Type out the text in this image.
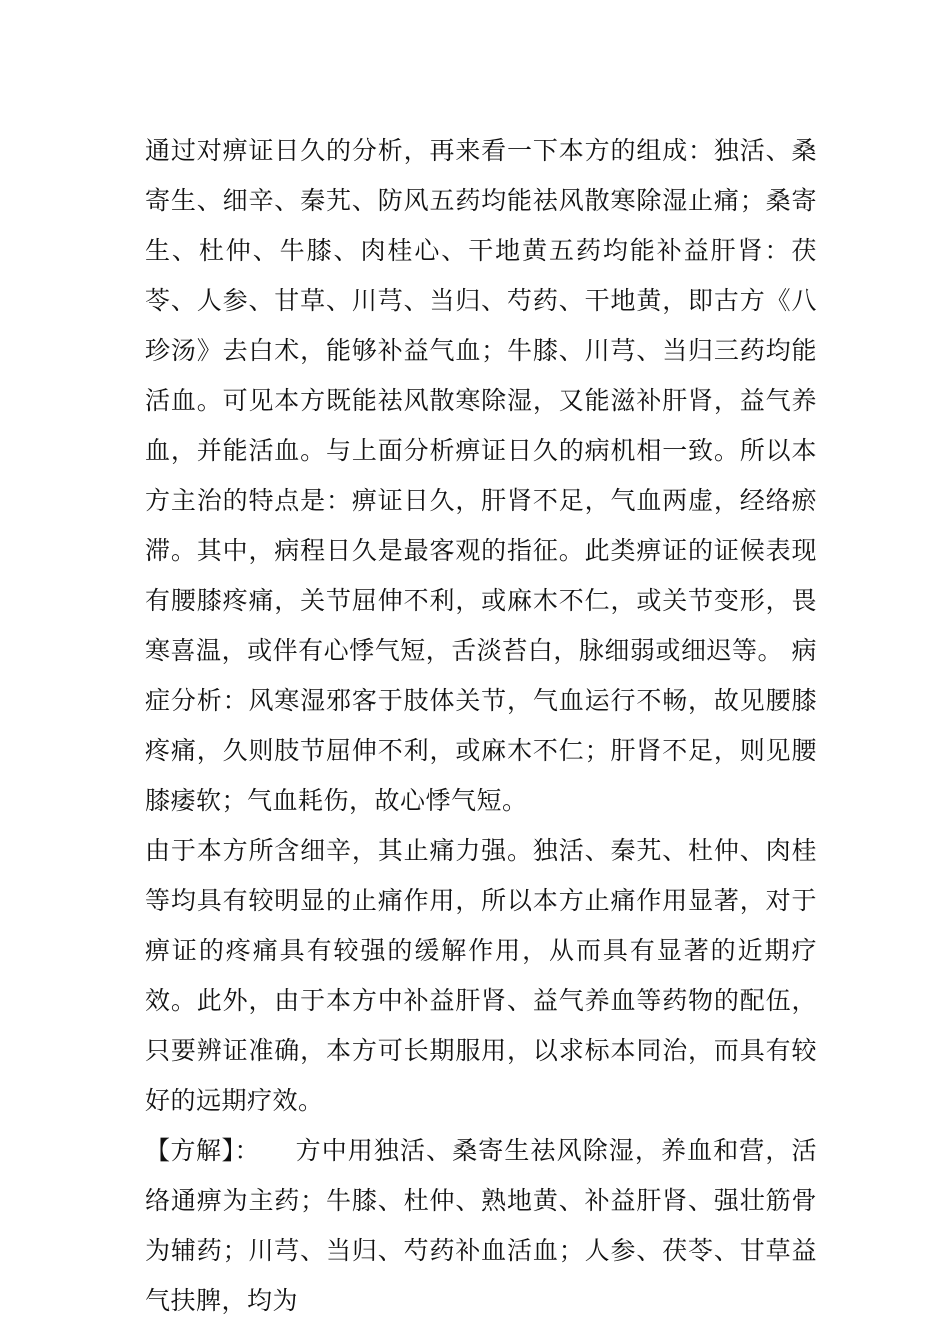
通过对痹证日久的分析，再来看一下本方的组成：独活、桑寄生、细辛、秦艽、防风五药均能祛风散寒除湿止痛；桑寄生、杜仲、牛膝、肉桂心、干地黄五药均能补益肝肾：茯苓、人参、甘草、川芎、当归、芍药、干地黄，即古方《八珍汤》去白术，能够补益气血；牛膝、川芎、当归三药均能活血。可见本方既能祛风散寒除湿，又能滋补肝肾，益气养血，并能活血。与上面分析痹证日久的病机相一致。所以本方主治的特点是：痹证日久，肝肾不足，气血两虚，经络瘀滞。其中，病程日久是最客观的指征。此类痹证的证候表现有腰膝疼痛，关节屈伸不利，或麻木不仁，或关节变形，畏寒喜温，或伴有心悸气短，舌淡苔白，脉细弱或细迟等。 病症分析：风寒湿邪客于肢体关节，气血运行不畅，故见腰膝疼痛，久则肢节屈伸不利，或麻木不仁；肝肾不足，则见腰膝痿软；气血耗伤，故心悸气短。

由于本方所含细辛，其止痛力强。独活、秦艽、杜仲、肉桂等均具有较明显的止痛作用，所以本方止痛作用显著，对于痹证的疼痛具有较强的缓解作用，从而具有显著的近期疗效。此外，由于本方中补益肝肾、益气养血等药物的配伍，只要辨证准确，本方可长期服用，以求标本同治，而具有较好的远期疗效。

【方解】： 方中用独活、桑寄生祛风除湿，养血和营，活络通痹为主药；牛膝、杜仲、熟地黄、补益肝肾、强壮筋骨为辅药；川芎、当归、芍药补血活血；人参、茯苓、甘草益气扶脾，均为
